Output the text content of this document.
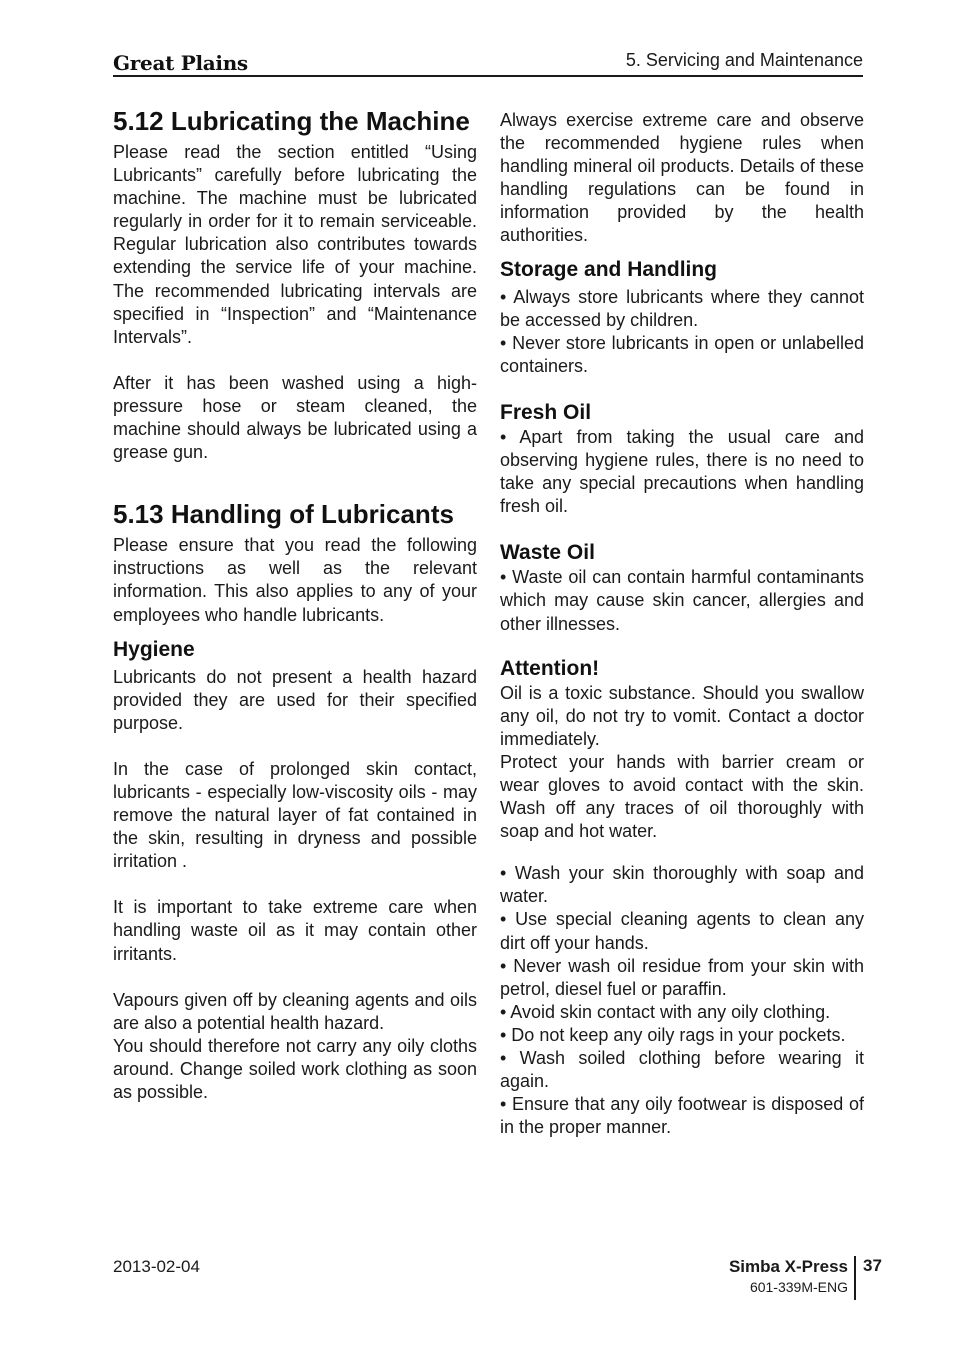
Great Plains	5. Servicing and Maintenance
5.12 Lubricating the Machine

Please read the section entitled “Using Lubricants” carefully before lubricating the machine. The machine must be lubricated regularly in order for it to remain serviceable. Regular lubrication also contributes towards extending the service life of your machine. The recommended lubricating intervals are specified in “Inspection” and “Maintenance Intervals”.

After it has been washed using a high-pressure hose or steam cleaned, the machine should always be lubricated using a grease gun.

5.13 Handling of Lubricants

Please ensure that you read the following instructions as well as the relevant information. This also applies to any of your employees who handle lubricants.

Hygiene

Lubricants do not present a health hazard provided they are used for their specified purpose.

In the case of prolonged skin contact, lubricants - especially low-viscosity oils - may remove the natural layer of fat contained in the skin, resulting in dryness and possible irritation .

It is important to take extreme care when handling waste oil as it may contain other irritants.

Vapours given off by cleaning agents and oils are also a potential health hazard.

You should therefore not carry any oily cloths around. Change soiled work clothing as soon as possible.

Always exercise extreme care and observe the recommended hygiene rules when handling mineral oil products. Details of these handling regulations can be found in information provided by the health authorities.

Storage and Handling

• Always store lubricants where they cannot be accessed by children.

• Never store lubricants in open or unlabelled containers.

Fresh Oil

• Apart from taking the usual care and observing hygiene rules, there is no need to take any special precautions when handling fresh oil.

Waste Oil

• Waste oil can contain harmful contaminants which may cause skin cancer, allergies and other illnesses.

Attention!

Oil is a toxic substance. Should you swallow any oil, do not try to vomit. Contact a doctor immediately.

Protect your hands with barrier cream or wear gloves to avoid contact with the skin. Wash off any traces of oil thoroughly with soap and hot water.

• Wash your skin thoroughly with soap and water.

• Use special cleaning agents to clean any dirt off your hands.

• Never wash oil residue from your skin with petrol, diesel fuel or paraffin.

• Avoid skin contact with any oily clothing.

• Do not keep any oily rags in your pockets.

• Wash soiled clothing before wearing it again.

• Ensure that any oily footwear is disposed of in the proper manner.

2013-02-04	Simba X-Press
601-339M-ENG
37
